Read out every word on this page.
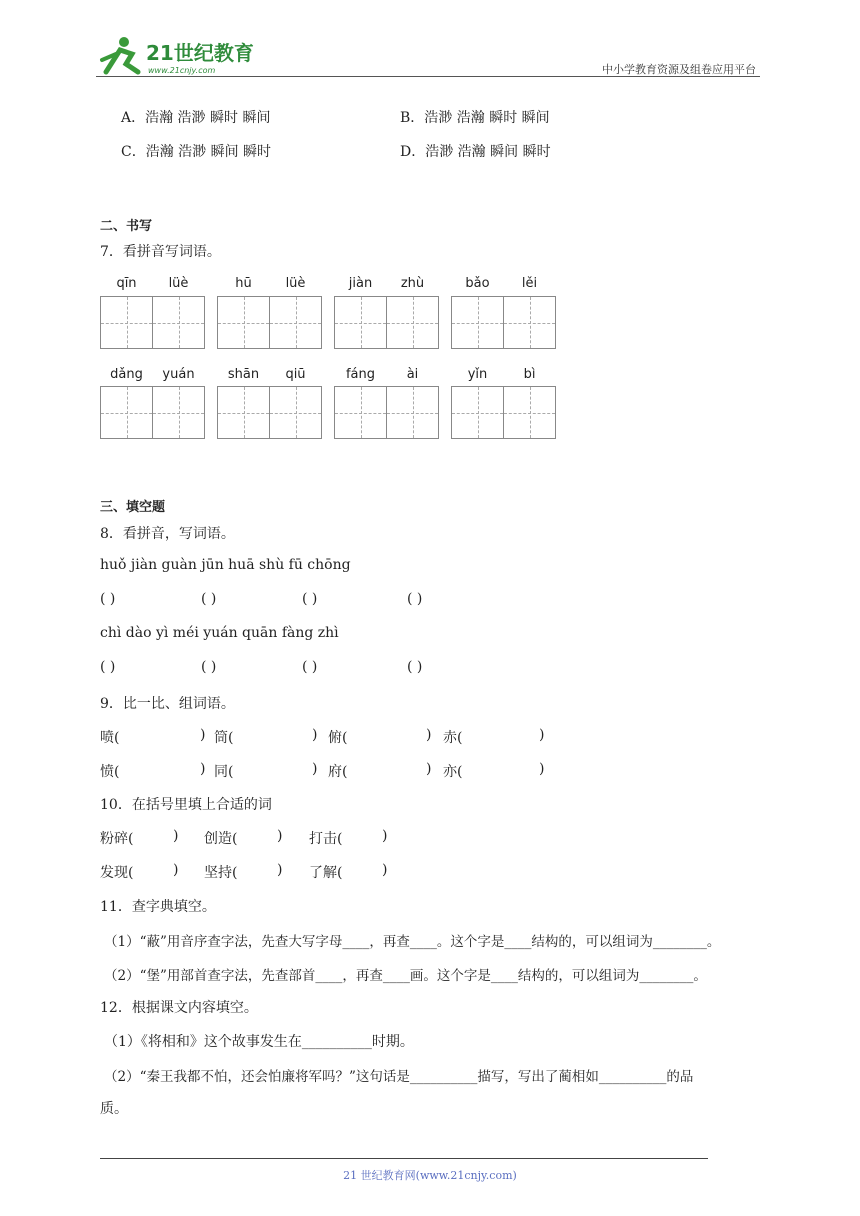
21世纪教育
www.21cnjy.com	中小学教育资源及组卷应用平台
A．浩瀚 浩渺 瞬时 瞬间	B．浩渺 浩瀚 瞬时 瞬间
C．浩瀚 浩渺 瞬间 瞬时	D．浩渺 浩瀚 瞬间 瞬时
二、书写
7．看拼音写词语。
qīn	lüè	hū	lüè	jiàn	zhù	bǎo	lěi
dǎng	yuán	shān	qiū	fáng	ài	yǐn	bì
三、填空题
8．看拼音，写词语。
huǒ jiàn guàn jūn huā shù fū chōng
( )	( )	( )	( )
chì dào yì méi yuán quān fàng zhì
( )	( )	( )	( )
9．比一比、组词语。
喷(	) 筒(	) 俯(	) 赤(	)
愤(	) 同(	) 府(	) 亦(	)
10．在括号里填上合适的词
粉碎(	) 创造(	) 打击(	)
发现(	) 坚持(	) 了解(	)
11．查字典填空。
（1）“蔽”用音序查字法，先查大写字母____，再查____。这个字是____结构的，可以组词为________。
（2）“堡”用部首查字法，先查部首____，再查____画。这个字是____结构的，可以组词为________。
12．根据课文内容填空。
（1）《将相和》这个故事发生在__________时期。
（2）“秦王我都不怕，还会怕廉将军吗？”这句话是__________描写，写出了蔺相如__________的品
质。
21 世纪教育网(www.21cnjy.com)
